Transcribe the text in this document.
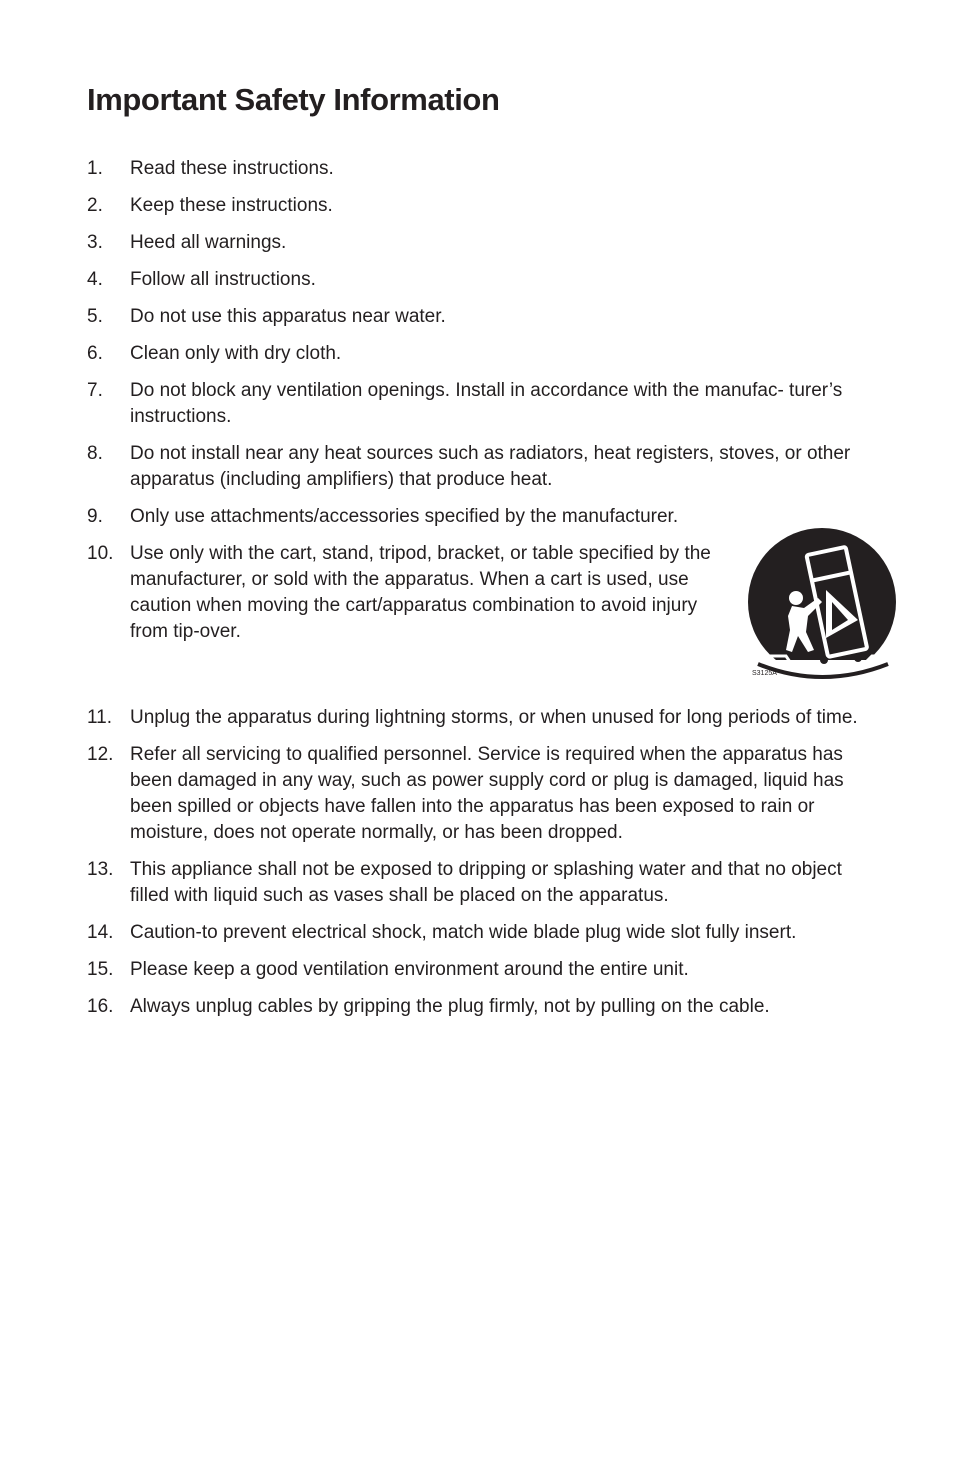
Important Safety Information
1.	Read these instructions.
2.	Keep these instructions.
3.	Heed all warnings.
4.	Follow all instructions.
5.	Do not use this apparatus near water.
6.	Clean only with dry cloth.
7.	Do not block any ventilation openings. Install in accordance with the manufac- turer’s instructions.
8.	Do not install near any heat sources such as radiators, heat registers, stoves, or other apparatus (including amplifiers) that produce heat.
9.	Only use attachments/accessories specified by the manufacturer.
10. Use only with the cart, stand, tripod, bracket, or table specified by the manufacturer, or sold with the apparatus. When a cart is used, use caution when moving the cart/apparatus combination to avoid injury from tip-over.
11. Unplug the apparatus during lightning storms, or when unused for long periods of time.
12. Refer all servicing to qualified personnel. Service is required when the apparatus has been damaged in any way, such as power supply cord or plug is damaged, liquid has been spilled or objects have fallen into the apparatus has been exposed to rain or moisture, does not operate normally, or has been dropped.
13. This appliance shall not be exposed to dripping or splashing water and that no object filled with liquid such as vases shall be placed on the apparatus.
14. Caution-to prevent electrical shock, match wide blade plug wide slot fully insert.
15. Please keep a good ventilation environment around the entire unit.
16. Always unplug cables by gripping the plug firmly, not by pulling on the cable.
S3125A
